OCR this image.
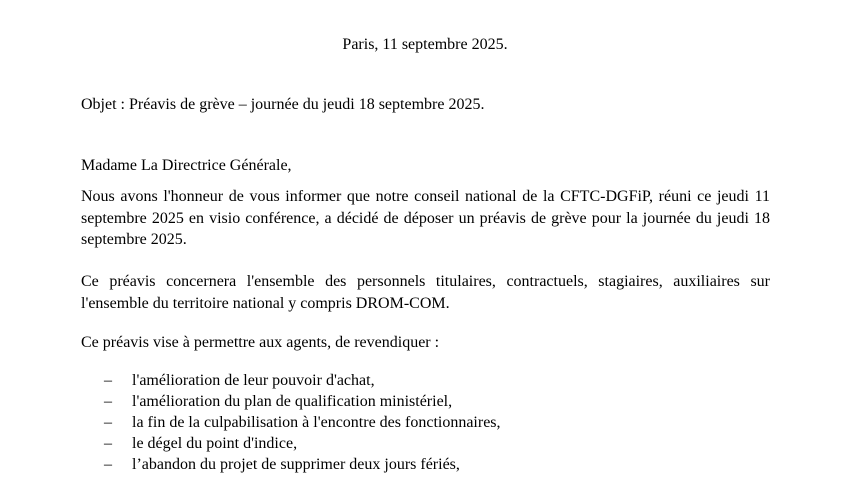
Paris, 11 septembre 2025.
Objet : Préavis de grève – journée du jeudi 18 septembre 2025.
Madame La Directrice Générale,
Nous avons l'honneur de vous informer que notre conseil national de la CFTC-DGFiP, réuni ce jeudi 11 septembre 2025 en visio conférence, a décidé de déposer un préavis de grève pour la journée du jeudi 18 septembre 2025.
Ce préavis concernera l'ensemble des personnels titulaires, contractuels, stagiaires, auxiliaires sur l'ensemble du territoire national y compris DROM-COM.
Ce préavis vise à permettre aux agents, de revendiquer :
– l'amélioration de leur pouvoir d'achat,
– l'amélioration du plan de qualification ministériel,
– la fin de la culpabilisation à l'encontre des fonctionnaires,
– le dégel du point d'indice,
– l’abandon du projet de supprimer deux jours fériés,
